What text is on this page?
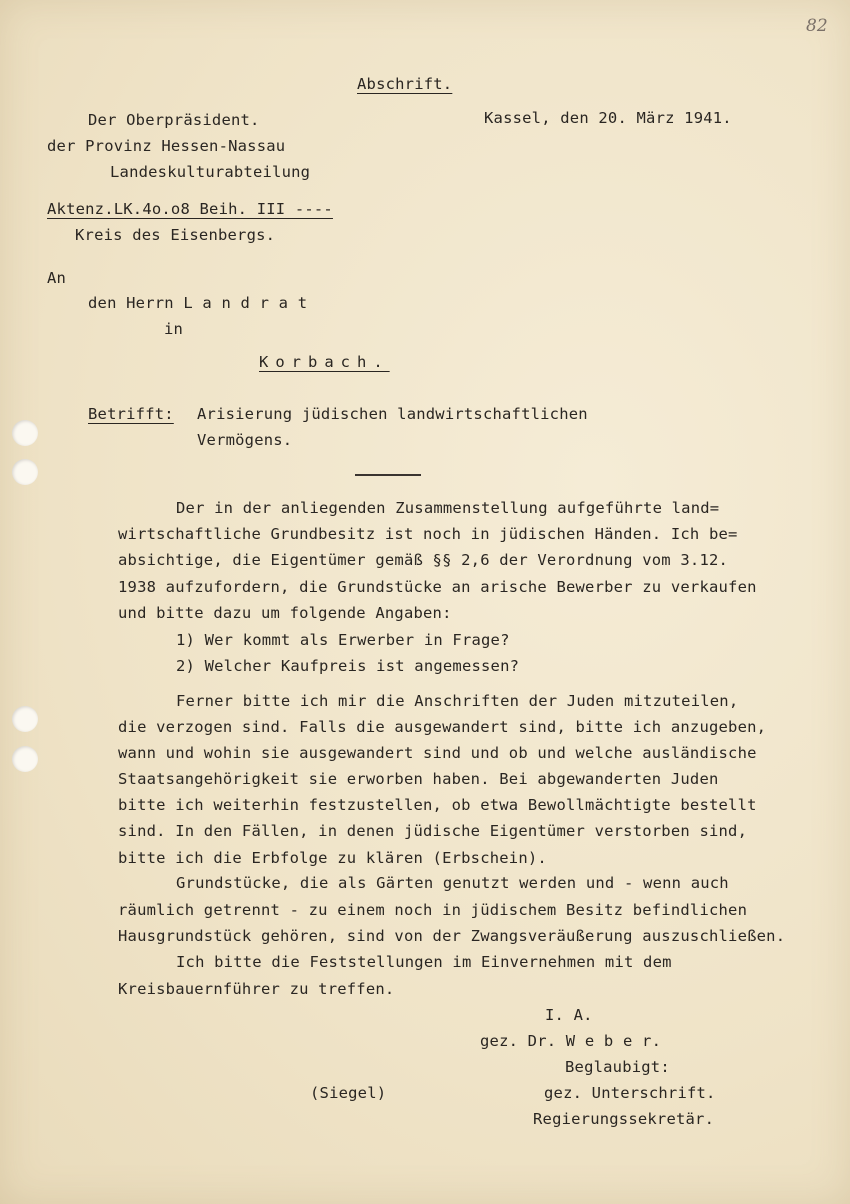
82
Abschrift.
Der Oberpräsident.
der Provinz Hessen-Nassau
Landeskulturabteilung
Kassel, den 20. März 1941.
Aktenz.LK.4o.o8 Beih. III ----
Kreis des Eisenbergs.
An
den Herrn L a n d r a t
in
Korbach.
Betrifft: Arisierung jüdischen landwirtschaftlichen
Vermögens.
Der in der anliegenden Zusammenstellung aufgeführte land=
wirtschaftliche Grundbesitz ist noch in jüdischen Händen. Ich be=
absichtige, die Eigentümer gemäß §§ 2,6 der Verordnung vom 3.12.
1938 aufzufordern, die Grundstücke an arische Bewerber zu verkaufen
und bitte dazu um folgende Angaben:
1) Wer kommt als Erwerber in Frage?
2) Welcher Kaufpreis ist angemessen?
Ferner bitte ich mir die Anschriften der Juden mitzuteilen,
die verzogen sind. Falls die ausgewandert sind, bitte ich anzugeben,
wann und wohin sie ausgewandert sind und ob und welche ausländische
Staatsangehörigkeit sie erworben haben. Bei abgewanderten Juden
bitte ich weiterhin festzustellen, ob etwa Bewollmächtigte bestellt
sind. In den Fällen, in denen jüdische Eigentümer verstorben sind,
bitte ich die Erbfolge zu klären (Erbschein).
Grundstücke, die als Gärten genutzt werden und - wenn auch
räumlich getrennt - zu einem noch in jüdischem Besitz befindlichen
Hausgrundstück gehören, sind von der Zwangsveräußerung auszuschließen.
Ich bitte die Feststellungen im Einvernehmen mit dem
Kreisbauernführer zu treffen.
I. A.
gez. Dr. W e b e r.
Beglaubigt:
(Siegel)	gez. Unterschrift.
Regierungssekretär.
